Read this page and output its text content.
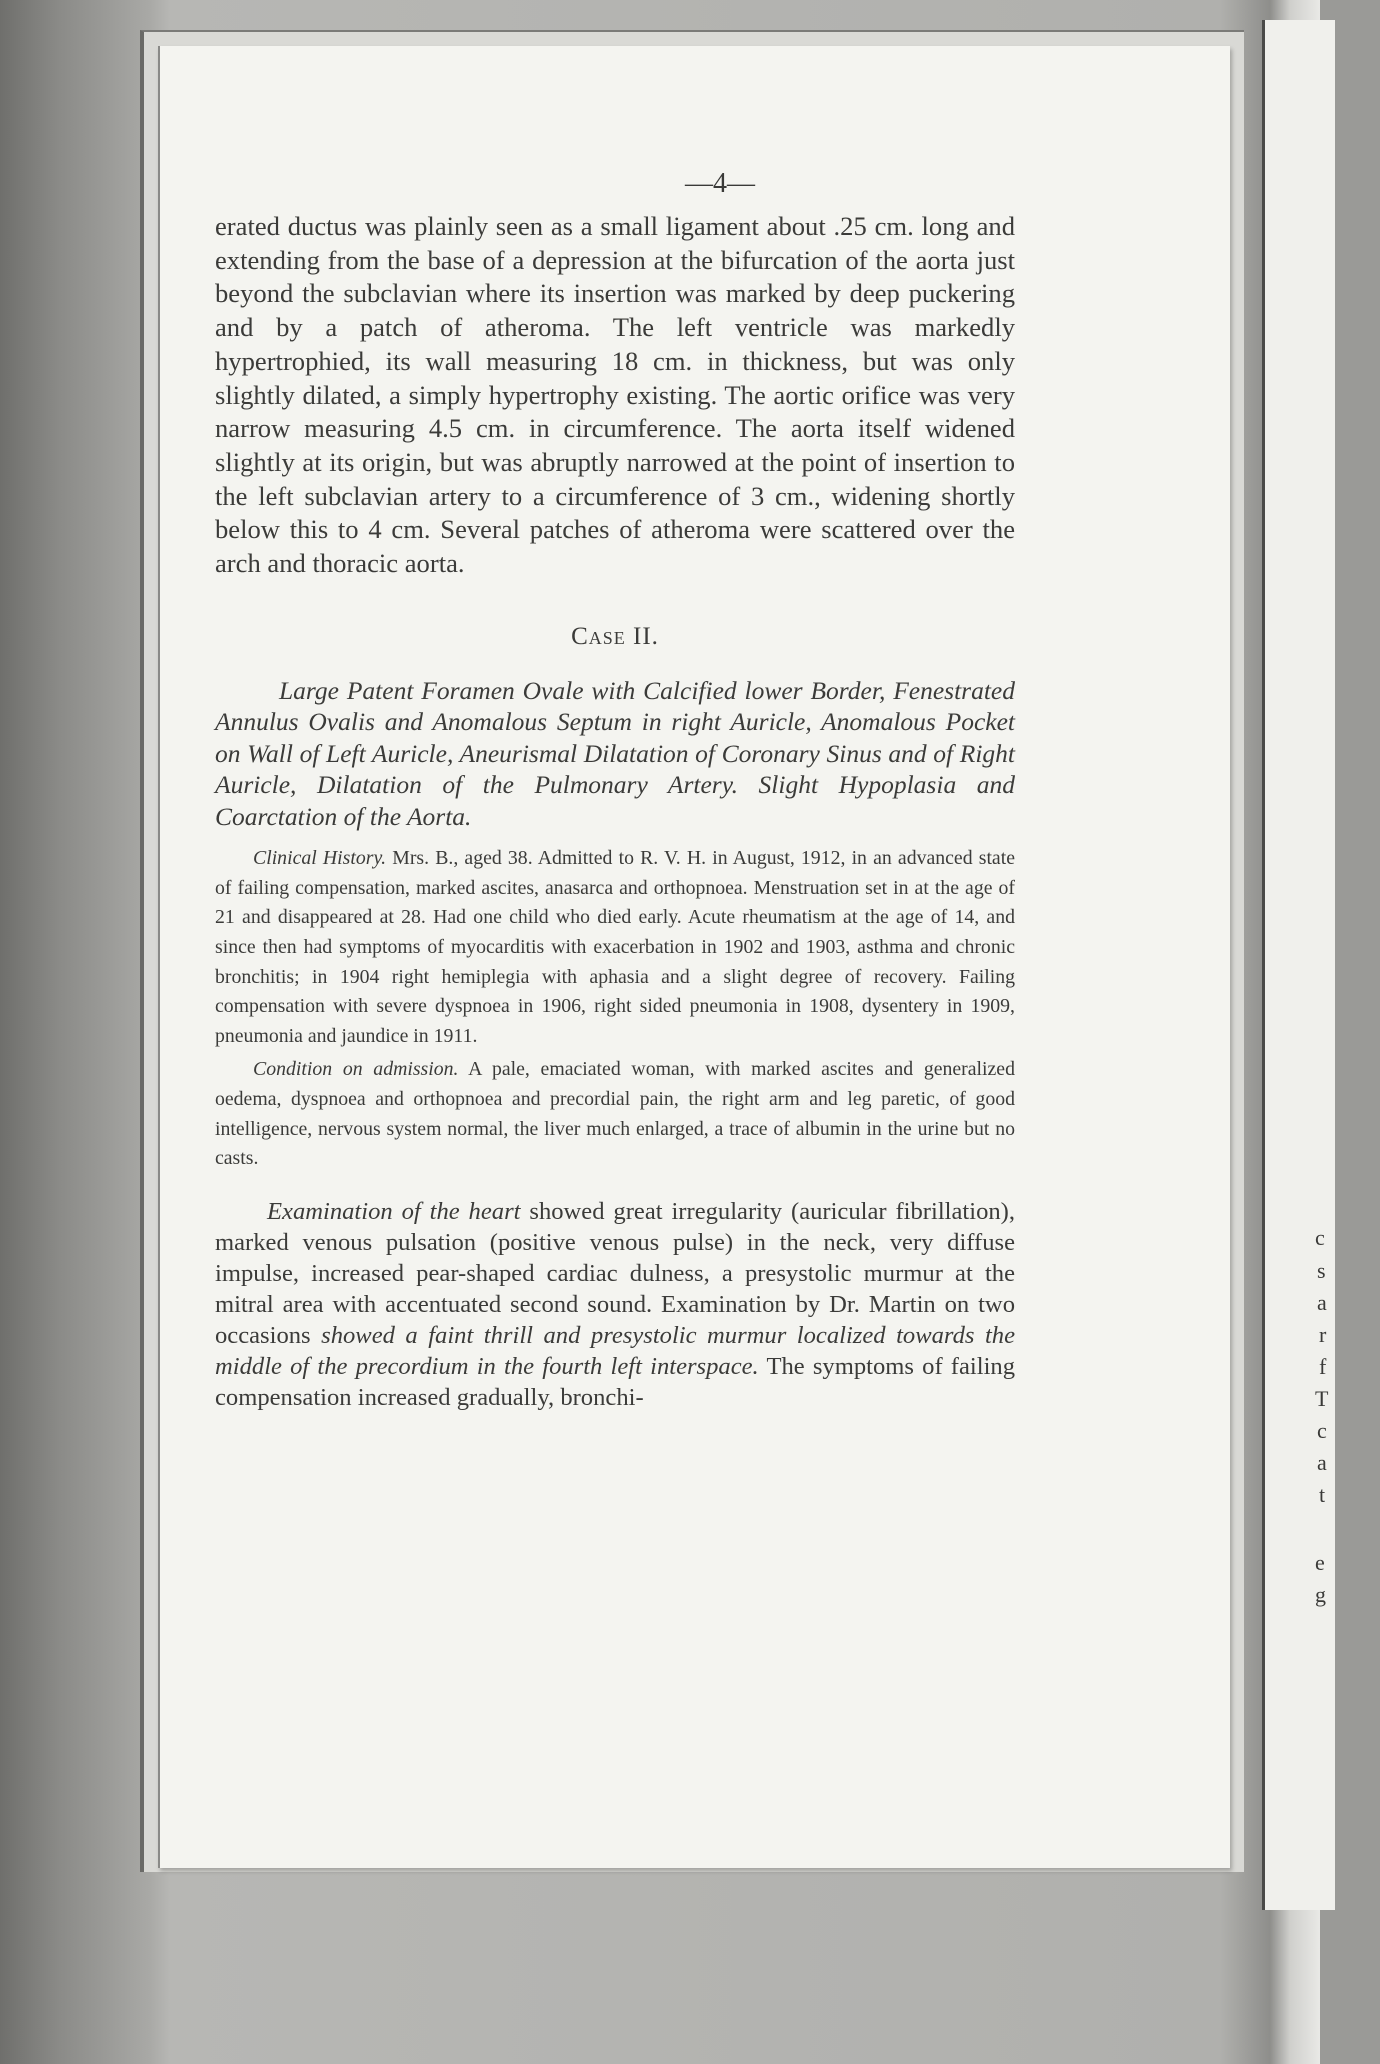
c
s
a
r
f
T
c
a
t
e
g
—4—

erated ductus was plainly seen as a small ligament about .25 cm. long and extending from the base of a depression at the bifurcation of the aorta just beyond the subclavian where its insertion was marked by deep puckering and by a patch of atheroma. The left ventricle was markedly hypertrophied, its wall measuring 18 cm. in thickness, but was only slightly dilated, a simply hypertrophy existing. The aortic orifice was very narrow measuring 4.5 cm. in circumference. The aorta itself widened slightly at its origin, but was abruptly narrowed at the point of insertion to the left subclavian artery to a circumference of 3 cm., widening shortly below this to 4 cm. Several patches of atheroma were scattered over the arch and thoracic aorta.

Case II.

Large Patent Foramen Ovale with Calcified lower Border, Fenestrated Annulus Ovalis and Anomalous Septum in right Auricle, Anomalous Pocket on Wall of Left Auricle, Aneurismal Dilatation of Coronary Sinus and of Right Auricle, Dilatation of the Pulmonary Artery. Slight Hypoplasia and Coarctation of the Aorta.

Clinical History. Mrs. B., aged 38. Admitted to R. V. H. in August, 1912, in an advanced state of failing compensation, marked ascites, anasarca and orthopnoea. Menstruation set in at the age of 21 and disappeared at 28. Had one child who died early. Acute rheumatism at the age of 14, and since then had symptoms of myocarditis with exacerbation in 1902 and 1903, asthma and chronic bronchitis; in 1904 right hemiplegia with aphasia and a slight degree of recovery. Failing compensation with severe dyspnoea in 1906, right sided pneumonia in 1908, dysentery in 1909, pneumonia and jaundice in 1911.

Condition on admission. A pale, emaciated woman, with marked ascites and generalized oedema, dyspnoea and orthopnoea and precordial pain, the right arm and leg paretic, of good intelligence, nervous system normal, the liver much enlarged, a trace of albumin in the urine but no casts.

Examination of the heart showed great irregularity (auricular fibrillation), marked venous pulsation (positive venous pulse) in the neck, very diffuse impulse, increased pear-shaped cardiac dulness, a presystolic murmur at the mitral area with accentuated second sound. Examination by Dr. Martin on two occasions showed a faint thrill and presystolic murmur localized towards the middle of the precordium in the fourth left interspace. The symptoms of failing compensation increased gradually, bronchi-
